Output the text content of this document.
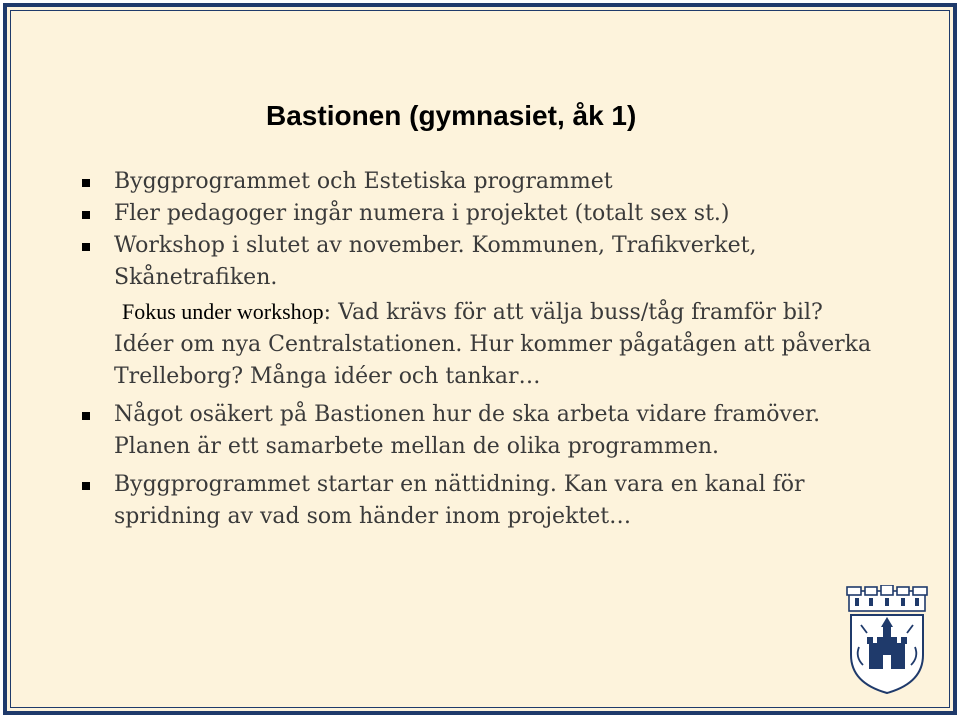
Bastionen (gymnasiet, åk 1)
Byggprogrammet och Estetiska programmet
Fler pedagoger ingår numera i projektet (totalt sex st.)
Workshop i slutet av november. Kommunen, Trafikverket, Skånetrafiken.
Fokus under workshop: Vad krävs för att välja buss/tåg framför bil? Idéer om nya Centralstationen. Hur kommer pågatågen att påverka Trelleborg? Många idéer och tankar…
Något osäkert på Bastionen hur de ska arbeta vidare framöver. Planen är ett samarbete mellan de olika programmen.
Byggprogrammet startar en nättidning. Kan vara en kanal för spridning av vad som händer inom projektet…
